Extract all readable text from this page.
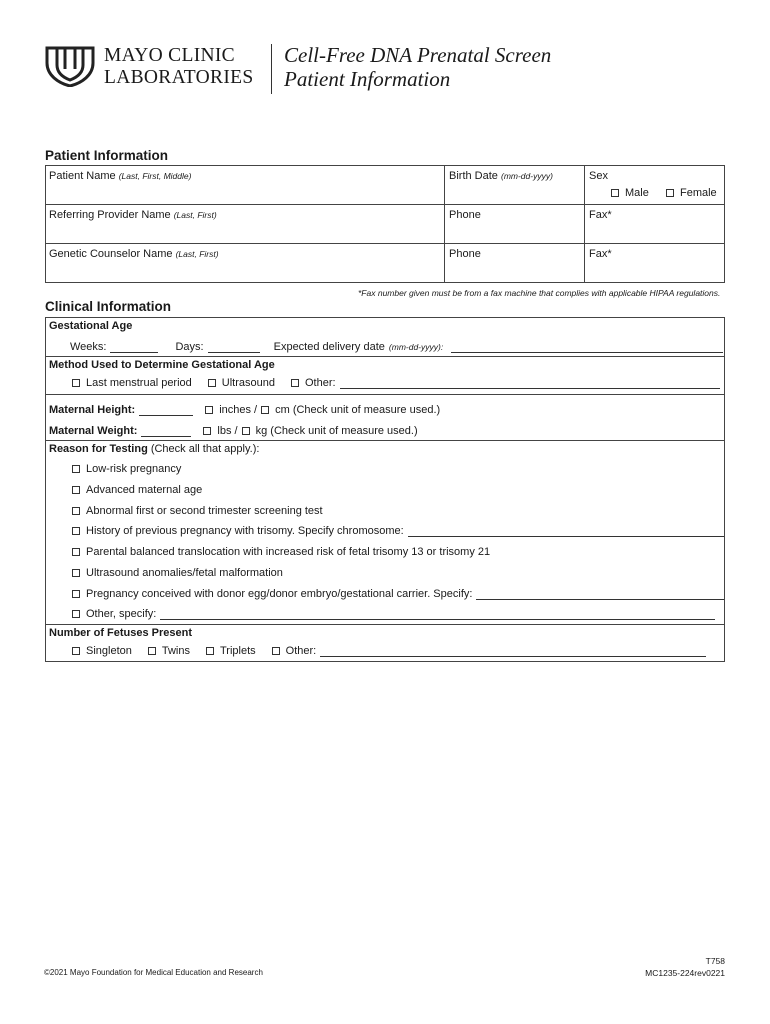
MAYO CLINIC
LABORATORIES
Cell-Free DNA Prenatal Screen
Patient Information
Patient Information
Patient Name (Last, First, Middle)	Birth Date (mm-dd-yyyy)	Sex
Male	Female
Referring Provider Name (Last, First)	Phone	Fax*
Genetic Counselor Name (Last, First)	Phone	Fax*
*Fax number given must be from a fax machine that complies with applicable HIPAA regulations.
Clinical Information
Gestational Age
Weeks:	Days:	Expected delivery date (mm-dd-yyyy):
Method Used to Determine Gestational Age
Last menstrual period	Ultrasound	Other:
Maternal Height:	inches / cm (Check unit of measure used.)
Maternal Weight:	lbs / kg (Check unit of measure used.)
Reason for Testing (Check all that apply.):
Low-risk pregnancy
Advanced maternal age
Abnormal first or second trimester screening test
History of previous pregnancy with trisomy. Specify chromosome:
Parental balanced translocation with increased risk of fetal trisomy 13 or trisomy 21
Ultrasound anomalies/fetal malformation
Pregnancy conceived with donor egg/donor embryo/gestational carrier. Specify:
Other, specify:
Number of Fetuses Present
Singleton	Twins	Triplets	Other:
©2021 Mayo Foundation for Medical Education and Research
T758
MC1235-224rev0221
